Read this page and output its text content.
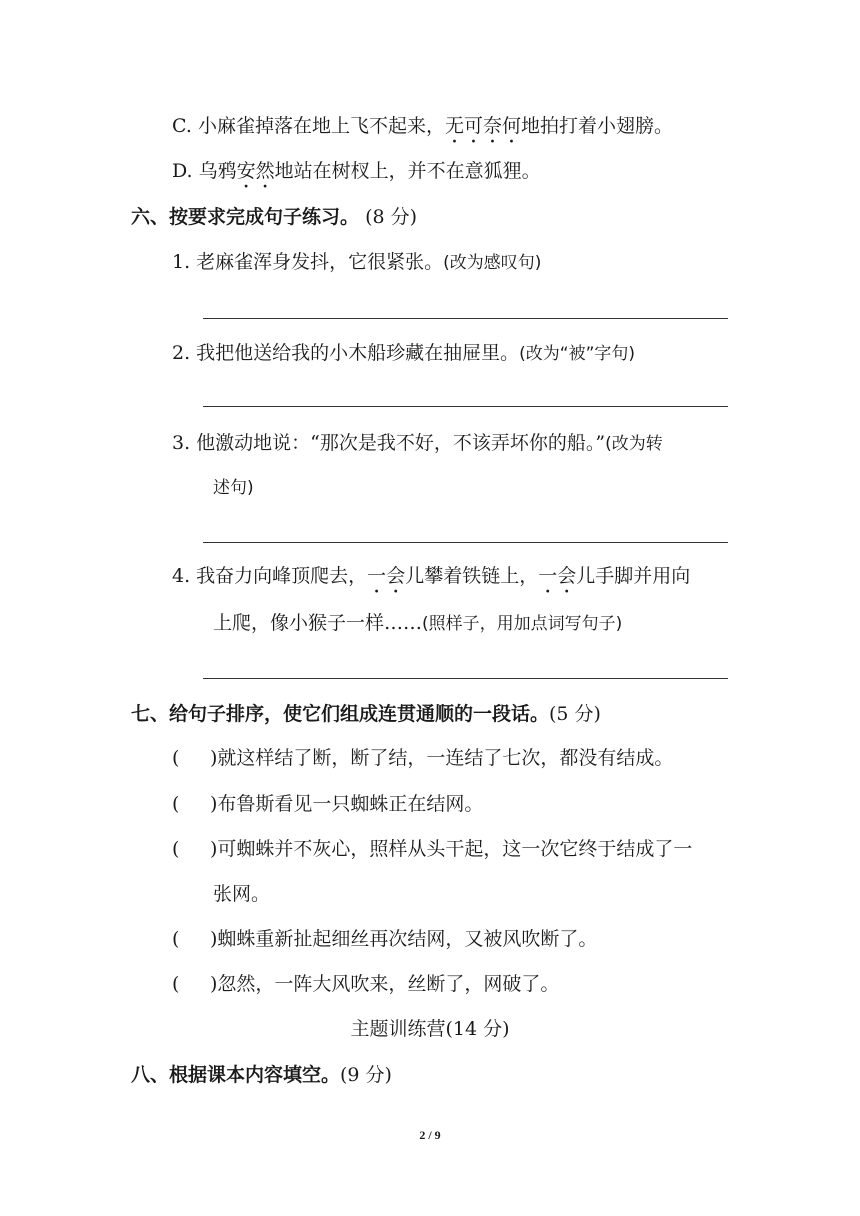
C. 小麻雀掉落在地上飞不起来，无可奈何地拍打着小翅膀。
D. 乌鸦安然地站在树杈上，并不在意狐狸。
六、按要求完成句子练习。 (8 分)
1. 老麻雀浑身发抖，它很紧张。(改为感叹句)
2. 我把他送给我的小木船珍藏在抽屉里。(改为“被”字句)
3. 他激动地说：“那次是我不好，不该弄坏你的船。”(改为转
述句)
4. 我奋力向峰顶爬去，一会儿攀着铁链上，一会儿手脚并用向
上爬，像小猴子一样……(照样子，用加点词写句子)
七、给句子排序，使它们组成连贯通顺的一段话。(5 分)
( )就这样结了断，断了结，一连结了七次，都没有结成。
( )布鲁斯看见一只蜘蛛正在结网。
( )可蜘蛛并不灰心，照样从头干起，这一次它终于结成了一
张网。
( )蜘蛛重新扯起细丝再次结网，又被风吹断了。
( )忽然，一阵大风吹来，丝断了，网破了。
主题训练营(14 分)
八、根据课本内容填空。(9 分)
2 / 9
